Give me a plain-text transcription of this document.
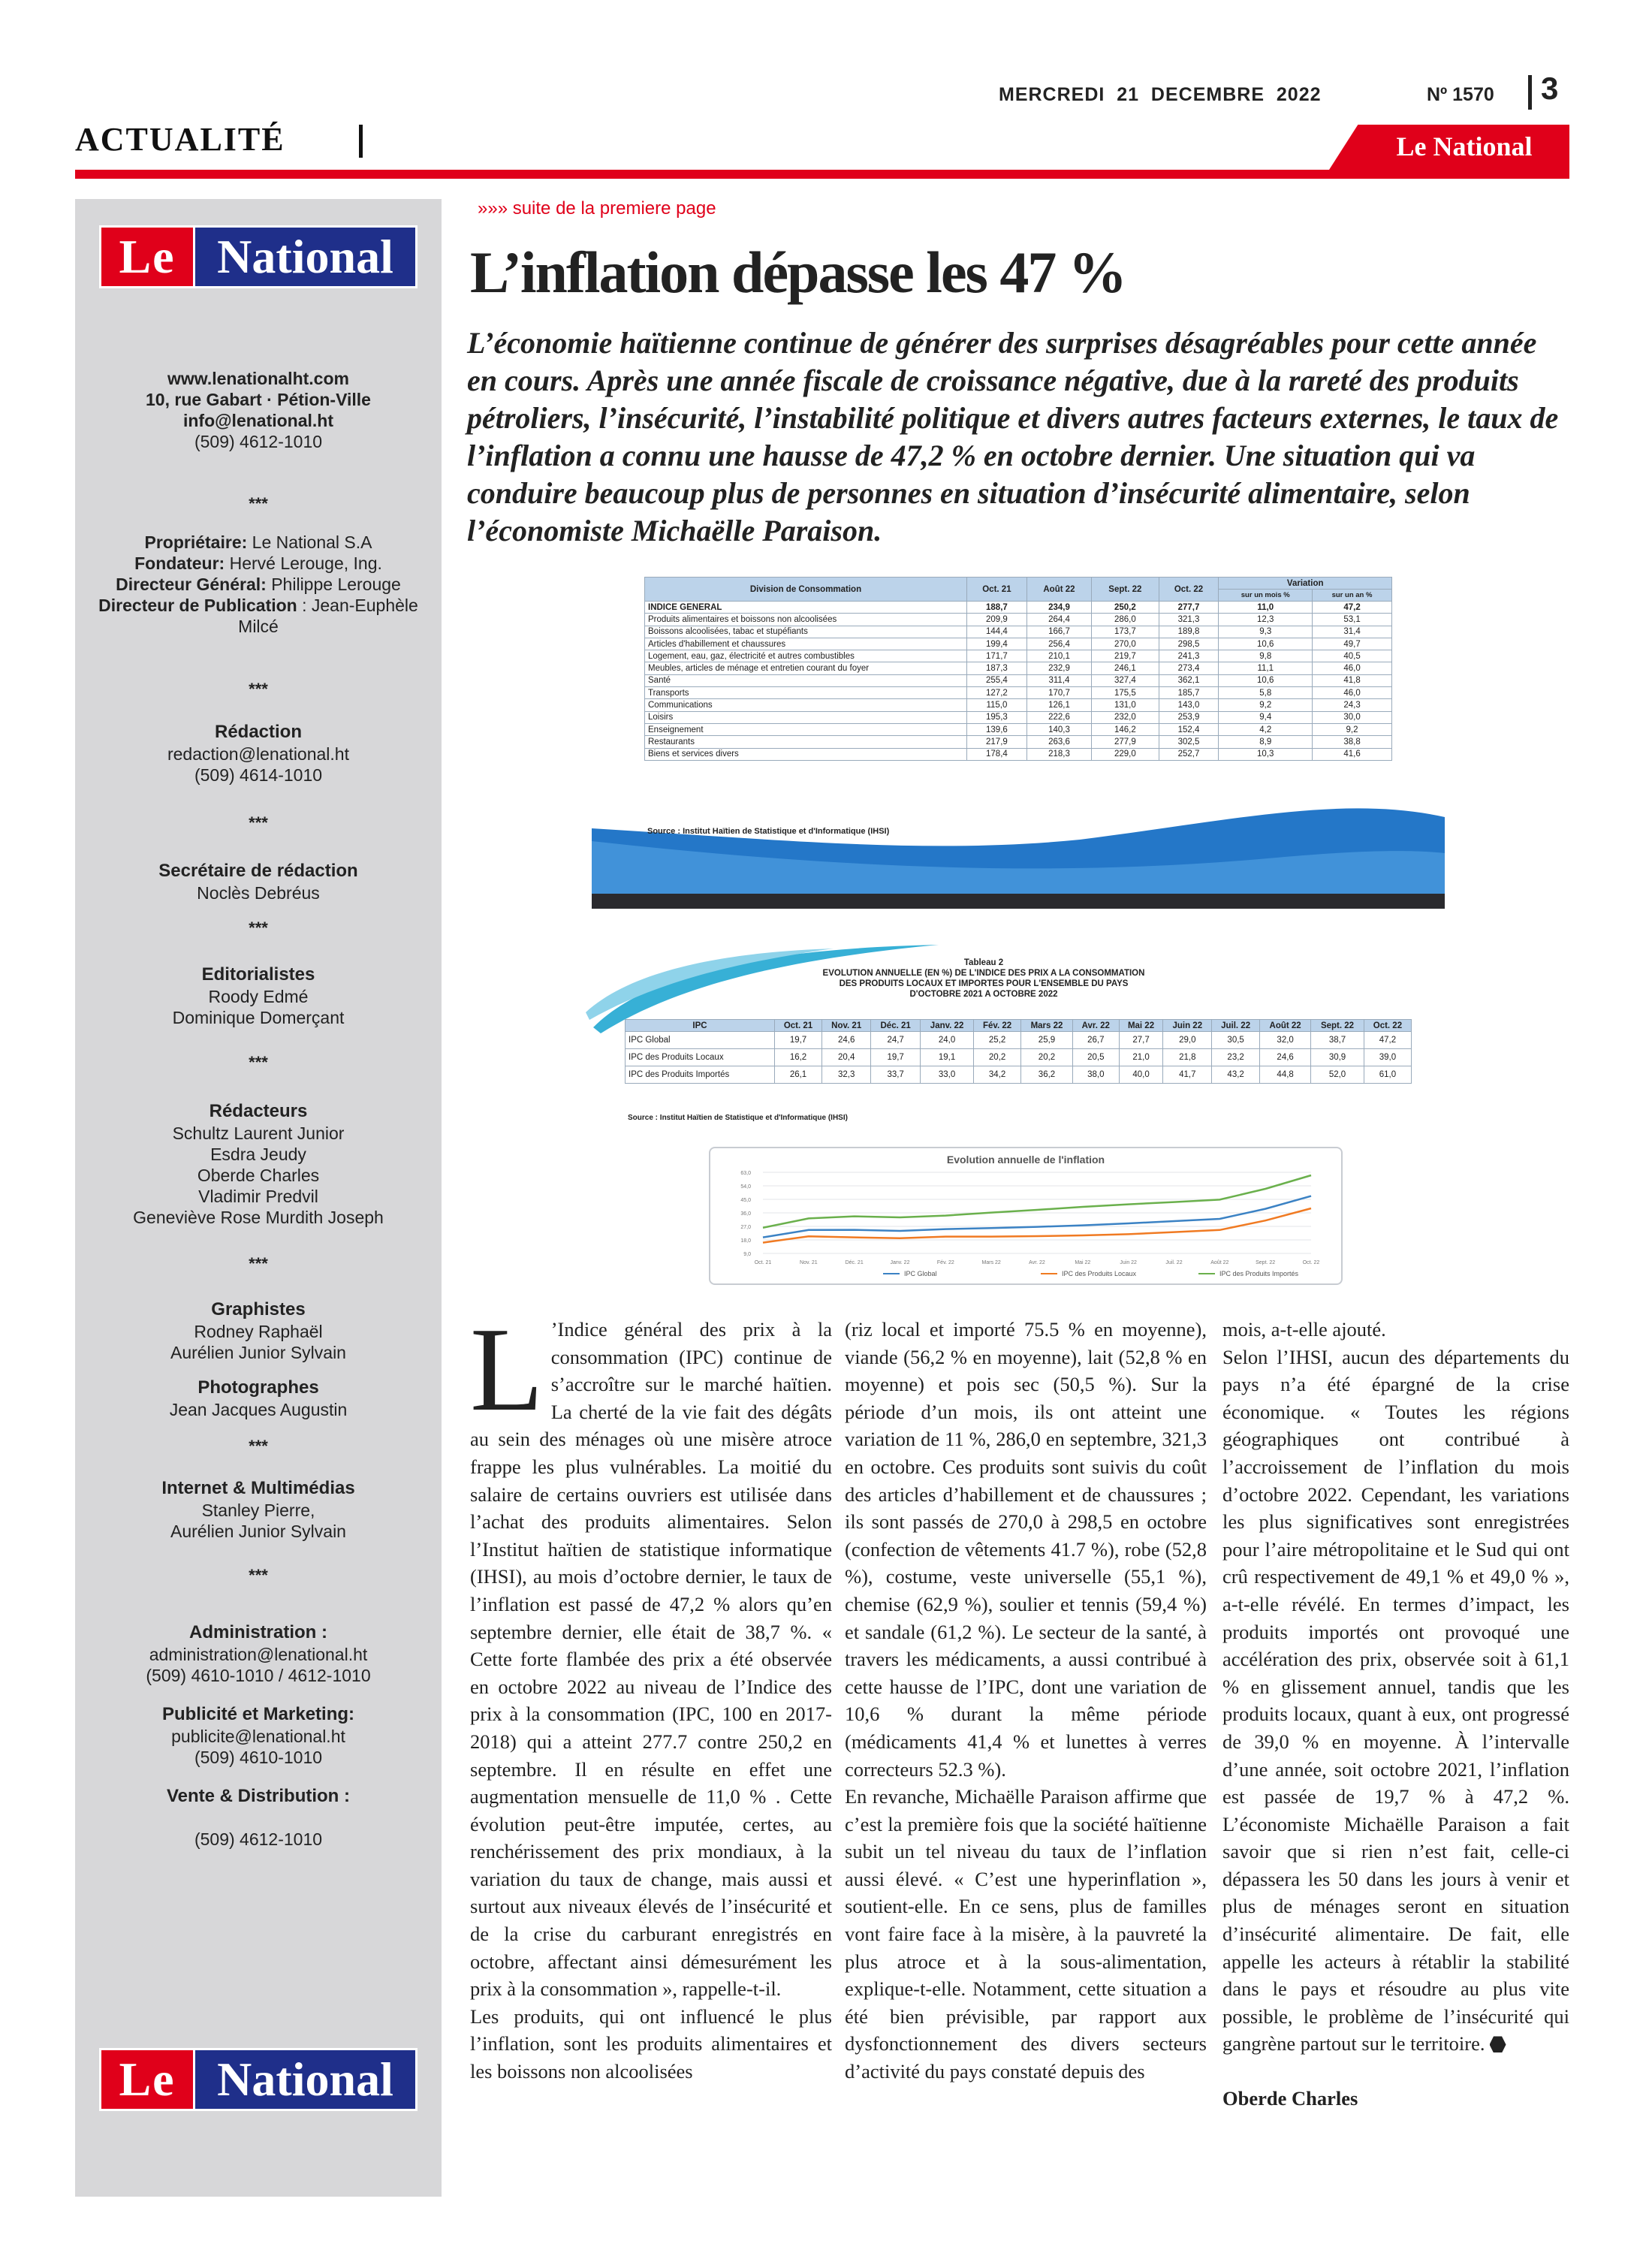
MERCREDI  21  DECEMBRE  2022	Nº 1570 3
ACTUALITÉ	Le National
Le National
www.lenationalht.com
10, rue Gabart · Pétion-Ville
info@lenational.ht
(509) 4612-1010
***
Propriétaire: Le National S.A
Fondateur: Hervé Lerouge, Ing.
Directeur Général: Philippe Lerouge
Directeur de Publication : Jean-Euphèle
Milcé
***
Rédaction
redaction@lenational.ht
(509) 4614-1010
***
Secrétaire de rédaction
Noclès Debréus
***
Editorialistes
Roody Edmé
Dominique Domerçant
***
Rédacteurs
Schultz Laurent Junior
Esdra Jeudy
Oberde Charles
Vladimir Predvil
Geneviève Rose Murdith Joseph
***
Graphistes
Rodney Raphaël
Aurélien Junior Sylvain
Photographes
Jean Jacques Augustin
***
Internet & Multimédias
Stanley Pierre,
Aurélien Junior Sylvain
***
Administration :
administration@lenational.ht
(509) 4610-1010 / 4612-1010
Publicité et Marketing:
publicite@lenational.ht
(509) 4610-1010
Vente & Distribution :
(509) 4612-1010
Le National
»»» suite de la premiere page
L’inflation dépasse les 47 %
L’économie haïtienne continue de générer des surprises désagréables pour cette année en cours. Après une année fiscale de croissance négative, due à la rareté des produits pétroliers, l’insécurité, l’instabilité politique et divers autres facteurs externes, le taux de l’inflation a connu une hausse de 47,2 % en octobre dernier. Une situation qui va conduire beaucoup plus de personnes en situation d’insécurité alimentaire, selon l’économiste Michaëlle Paraison.
Division de Consommation	Oct. 21	Août 22	Sept. 22	Oct. 22	Variation	
					sur un mois %	sur un an %
INDICE GENERAL	188,7	234,9	250,2	277,7	11,0	47,2
Produits alimentaires et boissons non alcoolisées	209,9	264,4	286,0	321,3	12,3	53,1
Boissons alcoolisées, tabac et stupéfiants	144,4	166,7	173,7	189,8	9,3	31,4
Articles d'habillement et chaussures	199,4	256,4	270,0	298,5	10,6	49,7
Logement, eau, gaz, électricité et autres combustibles	171,7	210,1	219,7	241,3	9,8	40,5
Meubles, articles de ménage et entretien courant du foyer	187,3	232,9	246,1	273,4	11,1	46,0
Santé	255,4	311,4	327,4	362,1	10,6	41,8
Transports	127,2	170,7	175,5	185,7	5,8	46,0
Communications	115,0	126,1	131,0	143,0	9,2	24,3
Loisirs	195,3	222,6	232,0	253,9	9,4	30,0
Enseignement	139,6	140,3	146,2	152,4	4,2	9,2
Restaurants	217,9	263,6	277,9	302,5	8,9	38,8
Biens et services divers	178,4	218,3	229,0	252,7	10,3	41,6
Source : Institut Haïtien de Statistique et d'Informatique (IHSI)
Tableau 2
EVOLUTION ANNUELLE (EN %) DE L'INDICE DES PRIX A LA CONSOMMATION
DES PRODUITS LOCAUX ET IMPORTES POUR L'ENSEMBLE DU PAYS
D'OCTOBRE 2021 A OCTOBRE 2022
IPC	Oct. 21	Nov. 21	Déc. 21	Janv. 22	Fév. 22	Mars 22	Avr. 22	Mai 22	Juin 22	Juil. 22	Août 22	Sept. 22	Oct. 22
IPC Global	19,7	24,6	24,7	24,0	25,2	25,9	26,7	27,7	29,0	30,5	32,0	38,7	47,2
IPC des Produits Locaux	16,2	20,4	19,7	19,1	20,2	20,2	20,5	21,0	21,8	23,2	24,6	30,9	39,0
IPC des Produits Importés	26,1	32,3	33,7	33,0	34,2	36,2	38,0	40,0	41,7	43,2	44,8	52,0	61,0
Source : Institut Haïtien de Statistique et d'Informatique (IHSI)
Evolution annuelle de l'inflation
63,0
54,0
45,0
36,0
27,0
18,0
9,0
Oct. 21	Nov. 21	Déc. 21	Janv. 22	Fév. 22	Mars 22	Avr. 22	Mai 22	Juin 22	Juil. 22	Août 22	Sept. 22	Oct. 22
IPC Global	IPC des Produits Locaux	IPC des Produits Importés

L ’Indice général des prix à la consommation (IPC) continue de s’accroître sur le marché haïtien. La cherté de la vie fait des dégâts au sein des ménages où une misère atroce frappe les plus vulnérables. La moitié du salaire de certains ouvriers est utilisée dans l’achat des produits alimentaires. Selon l’Institut haïtien de statistique informatique (IHSI), au mois d’octobre dernier, le taux de l’inflation est passé de 47,2 % alors qu’en septembre dernier, elle était de 38,7 %. « Cette forte flambée des prix a été observée en octobre 2022 au niveau de l’Indice des prix à la consommation (IPC, 100 en 2017-2018) qui a atteint 277.7 contre 250,2 en septembre. Il en résulte en effet une augmentation mensuelle de 11,0 % . Cette évolution peut-être imputée, certes, au renchérissement des prix mondiaux, à la variation du taux de change, mais aussi et surtout aux niveaux élevés de l’insécurité et de la crise du carburant enregistrés en octobre, affectant ainsi démesurément les prix à la consommation », rappelle-t-il.

Les produits, qui ont influencé le plus l’inflation, sont les produits alimentaires et les boissons non alcoolisées

(riz local et importé 75.5 % en moyenne), viande (56,2 % en moyenne), lait (52,8 % en moyenne) et pois sec (50,5 %). Sur la période d’un mois, ils ont atteint une variation de 11 %, 286,0 en septembre, 321,3 en octobre. Ces produits sont suivis du coût des articles d’habillement et de chaussures ; ils sont passés de 270,0 à 298,5 en octobre (confection de vêtements 41.7 %), robe (52,8 %), costume, veste universelle (55,1 %), chemise (62,9 %), soulier et tennis (59,4 %) et sandale (61,2 %). Le secteur de la santé, à travers les médicaments, a aussi contribué à cette hausse de l’IPC, dont une variation de 10,6 % durant la même période (médicaments 41,4 % et lunettes à verres correcteurs 52.3 %).

En revanche, Michaëlle Paraison affirme que c’est la première fois que la société haïtienne subit un tel niveau du taux de l’inflation aussi élevé. « C’est une hyperinflation », soutient-elle. En ce sens, plus de familles vont faire face à la misère, à la pauvreté la plus atroce et à la sous-alimentation, explique-t-elle. Notamment, cette situation a été bien prévisible, par rapport aux dysfonctionnement des divers secteurs d’activité du pays constaté depuis des

mois, a-t-elle ajouté.

Selon l’IHSI, aucun des départements du pays n’a été épargné de la crise économique. « Toutes les régions géographiques ont contribué à l’accroissement de l’inflation du mois d’octobre 2022. Cependant, les variations les plus significatives sont enregistrées pour l’aire métropolitaine et le Sud qui ont crû respectivement de 49,1 % et 49,0 % », a-t-elle révélé. En termes d’impact, les produits importés ont provoqué une accélération des prix, observée soit à 61,1 % en glissement annuel, tandis que les produits locaux, quant à eux, ont progressé de 39,0 % en moyenne. À l’intervalle d’une année, soit octobre 2021, l’inflation est passée de 19,7 % à 47,2 %. L’économiste Michaëlle Paraison a fait savoir que si rien n’est fait, celle-ci dépassera les 50 dans les jours à venir et plus de ménages seront en situation d’insécurité alimentaire. De fait, elle appelle les acteurs à rétablir la stabilité dans le pays et résoudre au plus vite possible, le problème de l’insécurité qui gangrène partout sur le territoire.

Oberde Charles
